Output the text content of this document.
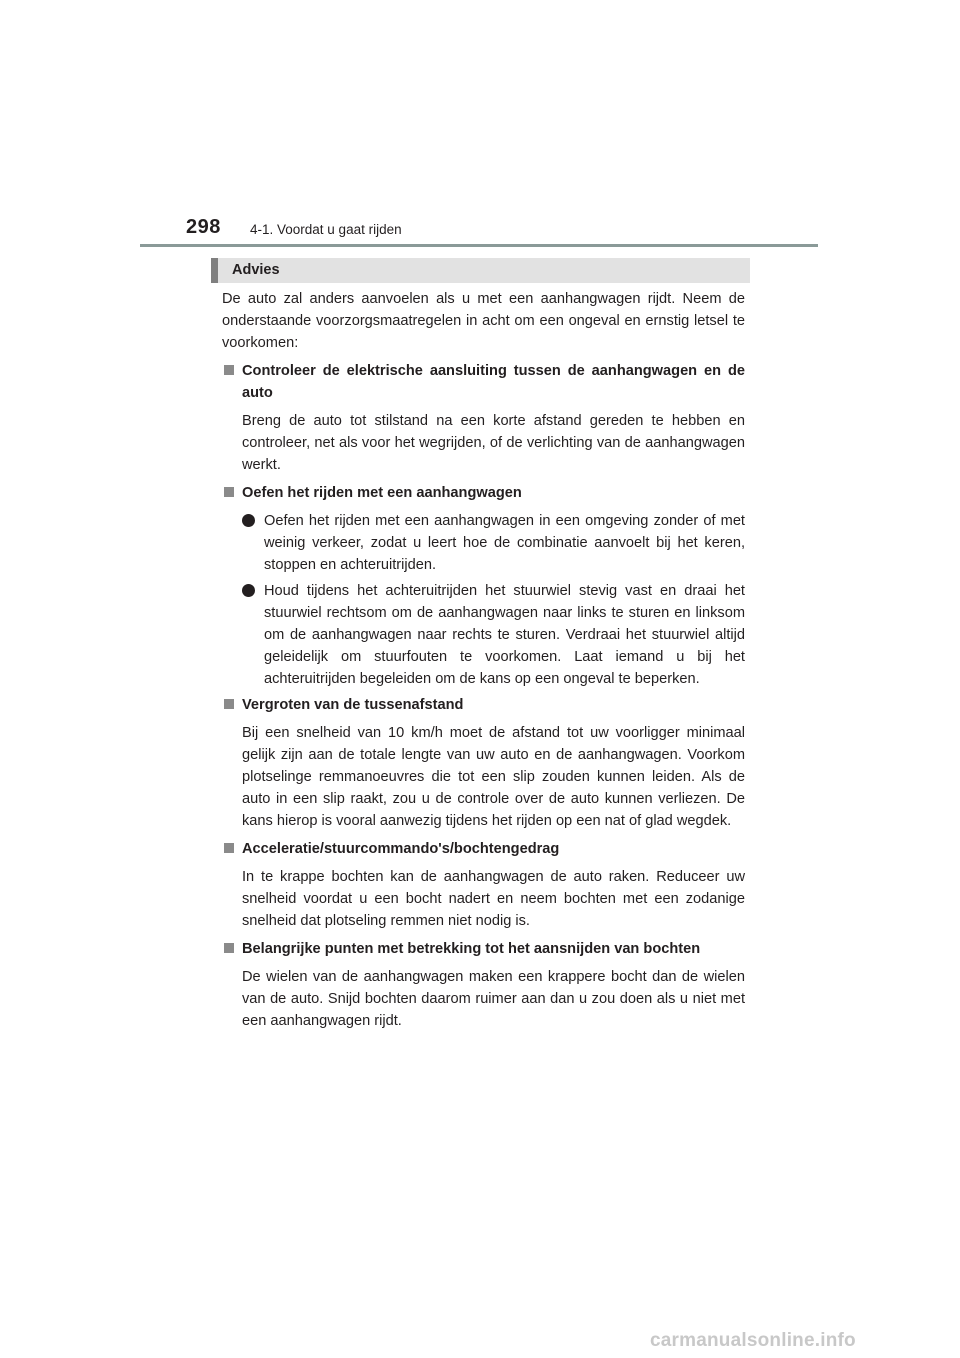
298 4-1. Voordat u gaat rijden
Advies

De auto zal anders aanvoelen als u met een aanhangwagen rijdt. Neem de onderstaande voorzorgsmaatregelen in acht om een ongeval en ernstig letsel te voorkomen:

Controleer de elektrische aansluiting tussen de aanhangwagen en de auto

Breng de auto tot stilstand na een korte afstand gereden te hebben en controleer, net als voor het wegrijden, of de verlichting van de aanhangwagen werkt.

Oefen het rijden met een aanhangwagen

Oefen het rijden met een aanhangwagen in een omgeving zonder of met weinig verkeer, zodat u leert hoe de combinatie aanvoelt bij het keren, stoppen en achteruitrijden.

Houd tijdens het achteruitrijden het stuurwiel stevig vast en draai het stuurwiel rechtsom om de aanhangwagen naar links te sturen en linksom om de aanhangwagen naar rechts te sturen. Verdraai het stuurwiel altijd geleidelijk om stuurfouten te voorkomen. Laat iemand u bij het achteruitrijden begeleiden om de kans op een ongeval te beperken.

Vergroten van de tussenafstand

Bij een snelheid van 10 km/h moet de afstand tot uw voorligger minimaal gelijk zijn aan de totale lengte van uw auto en de aanhangwagen. Voorkom plotselinge remmanoeuvres die tot een slip zouden kunnen leiden. Als de auto in een slip raakt, zou u de controle over de auto kunnen verliezen. De kans hierop is vooral aanwezig tijdens het rijden op een nat of glad wegdek.

Acceleratie/stuurcommando's/bochtengedrag

In te krappe bochten kan de aanhangwagen de auto raken. Reduceer uw snelheid voordat u een bocht nadert en neem bochten met een zodanige snelheid dat plotseling remmen niet nodig is.

Belangrijke punten met betrekking tot het aansnijden van bochten

De wielen van de aanhangwagen maken een krappere bocht dan de wielen van de auto. Snijd bochten daarom ruimer aan dan u zou doen als u niet met een aanhangwagen rijdt.

carmanualsonline.info
